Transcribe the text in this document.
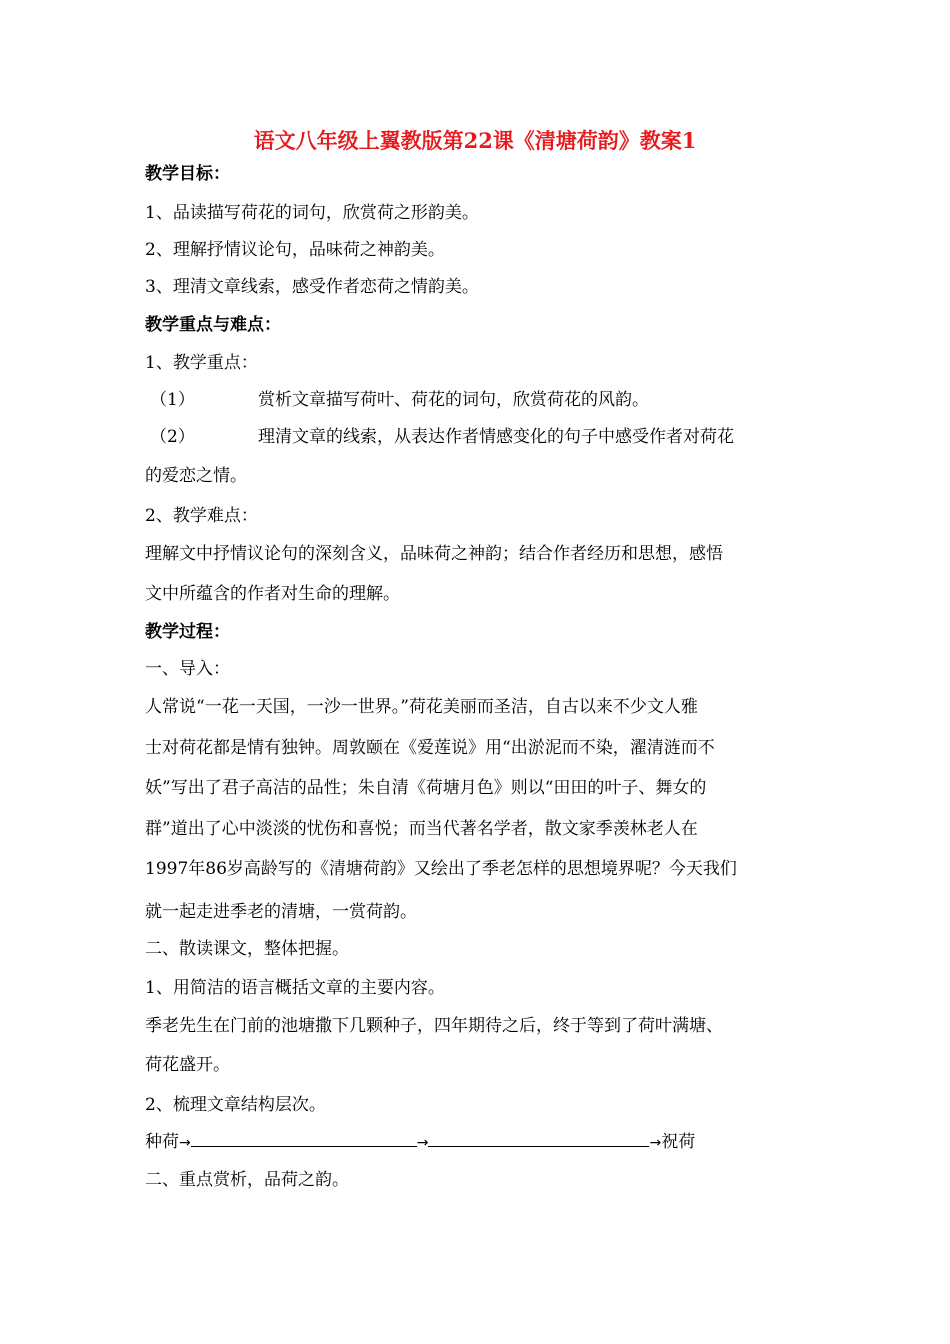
语文八年级上翼教版第22课《清塘荷韵》教案1
教学目标：
1、品读描写荷花的词句，欣赏荷之形韵美。
2、理解抒情议论句，品味荷之神韵美。
3、理清文章线索，感受作者恋荷之情韵美。
教学重点与难点：
1、教学重点：
（1）	赏析文章描写荷叶、荷花的词句，欣赏荷花的风韵。
（2）	理清文章的线索，从表达作者情感变化的句子中感受作者对荷花
的爱恋之情。
2、教学难点：
理解文中抒情议论句的深刻含义，品味荷之神韵；结合作者经历和思想，感悟
文中所蕴含的作者对生命的理解。
教学过程：
一、导入：
人常说“一花一天国，一沙一世界。”荷花美丽而圣洁，自古以来不少文人雅
士对荷花都是情有独钟。周敦颐在《爱莲说》用“出淤泥而不染，濯清涟而不
妖”写出了君子高洁的品性；朱自清《荷塘月色》则以“田田的叶子、舞女的
群”道出了心中淡淡的忧伤和喜悦；而当代著名学者，散文家季羡林老人在
1997年86岁高龄写的《清塘荷韵》又绘出了季老怎样的思想境界呢？今天我们
就一起走进季老的清塘，一赏荷韵。
二、散读课文，整体把握。
1、用简洁的语言概括文章的主要内容。
季老先生在门前的池塘撒下几颗种子，四年期待之后，终于等到了荷叶满塘、
荷花盛开。
2、梳理文章结构层次。
种荷→	→	→祝荷
二、重点赏析，品荷之韵。
